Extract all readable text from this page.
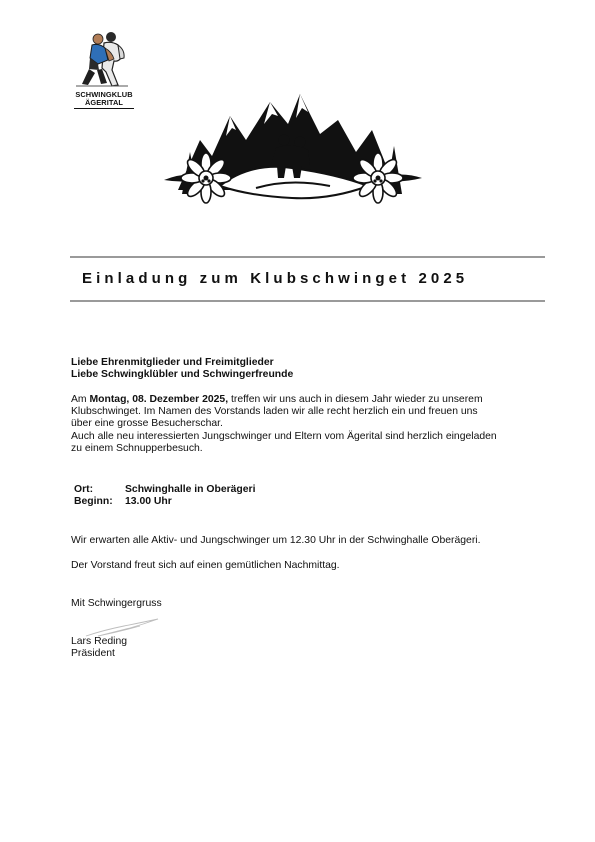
SCHWINGKLUB
ÄGERITAL
Einladung zum Klubschwinget 2025
Liebe Ehrenmitglieder und Freimitglieder
Liebe Schwingklübler und Schwingerfreunde
Am Montag, 08. Dezember 2025, treffen wir uns auch in diesem Jahr wieder zu unserem
Klubschwinget. Im Namen des Vorstands laden wir alle recht herzlich ein und freuen uns
über eine grosse Besucherschar.
Auch alle neu interessierten Jungschwinger und Eltern vom Ägerital sind herzlich eingeladen
zu einem Schnupperbesuch.
Ort:	Schwinghalle in Oberägeri
Beginn: 13.00 Uhr
Wir erwarten alle Aktiv- und Jungschwinger um 12.30 Uhr in der Schwinghalle Oberägeri.
Der Vorstand freut sich auf einen gemütlichen Nachmittag.
Mit Schwingergruss
Lars Reding
Präsident
